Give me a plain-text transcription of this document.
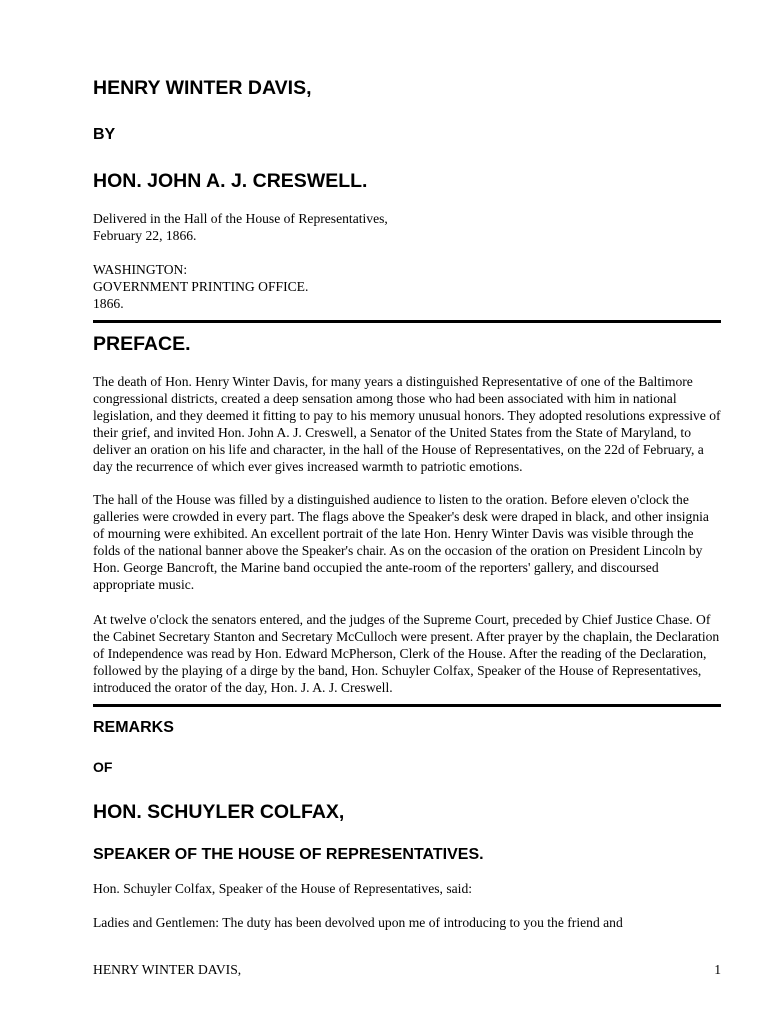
HENRY WINTER DAVIS,
BY
HON. JOHN A. J. CRESWELL.
Delivered in the Hall of the House of Representatives,
February 22, 1866.
WASHINGTON:
GOVERNMENT PRINTING OFFICE.
1866.
PREFACE.
The death of Hon. Henry Winter Davis, for many years a distinguished Representative of one of the Baltimore congressional districts, created a deep sensation among those who had been associated with him in national legislation, and they deemed it fitting to pay to his memory unusual honors. They adopted resolutions expressive of their grief, and invited Hon. John A. J. Creswell, a Senator of the United States from the State of Maryland, to deliver an oration on his life and character, in the hall of the House of Representatives, on the 22d of February, a day the recurrence of which ever gives increased warmth to patriotic emotions.
The hall of the House was filled by a distinguished audience to listen to the oration. Before eleven o'clock the galleries were crowded in every part. The flags above the Speaker's desk were draped in black, and other insignia of mourning were exhibited. An excellent portrait of the late Hon. Henry Winter Davis was visible through the folds of the national banner above the Speaker's chair. As on the occasion of the oration on President Lincoln by Hon. George Bancroft, the Marine band occupied the ante-room of the reporters' gallery, and discoursed appropriate music.
At twelve o'clock the senators entered, and the judges of the Supreme Court, preceded by Chief Justice Chase. Of the Cabinet Secretary Stanton and Secretary McCulloch were present. After prayer by the chaplain, the Declaration of Independence was read by Hon. Edward McPherson, Clerk of the House. After the reading of the Declaration, followed by the playing of a dirge by the band, Hon. Schuyler Colfax, Speaker of the House of Representatives, introduced the orator of the day, Hon. J. A. J. Creswell.
REMARKS
OF
HON. SCHUYLER COLFAX,
SPEAKER OF THE HOUSE OF REPRESENTATIVES.
Hon. Schuyler Colfax, Speaker of the House of Representatives, said:
Ladies and Gentlemen: The duty has been devolved upon me of introducing to you the friend and
HENRY WINTER DAVIS,	1
